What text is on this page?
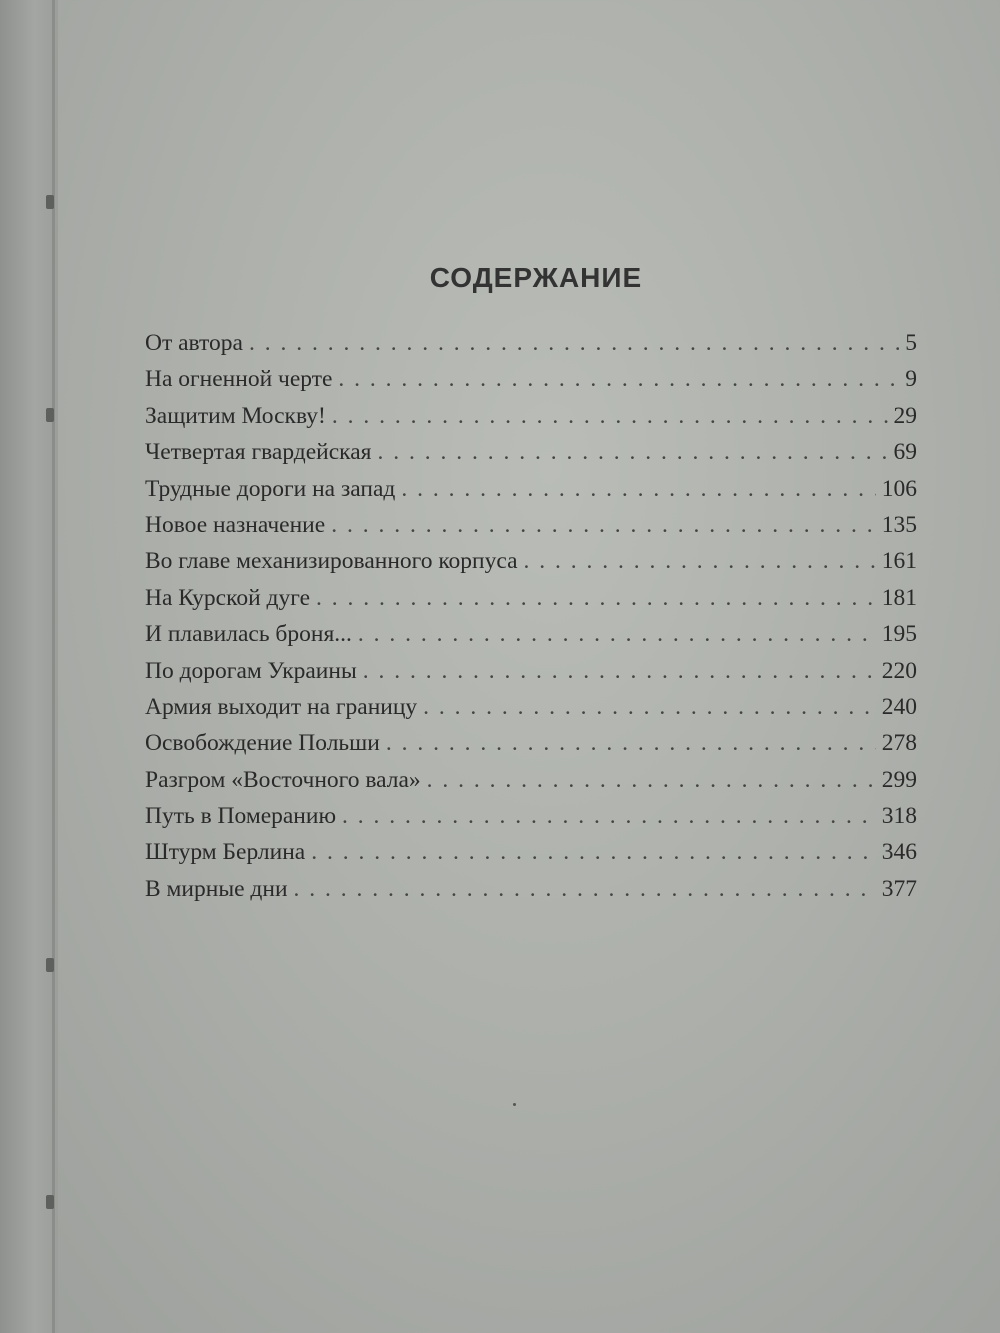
СОДЕРЖАНИЕ
От автора . . .	5
На огненной черте . . .	9
Защитим Москву! . . .	29
Четвертая гвардейская . . .	69
Трудные дороги на запад . . .	106
Новое назначение . . .	135
Во главе механизированного корпуса . . .	161
На Курской дуге . . .	181
И плавилась броня... . . .	195
По дорогам Украины . . .	220
Армия выходит на границу . . .	240
Освобождение Польши . . .	278
Разгром «Восточного вала» . . .	299
Путь в Померанию . . .	318
Штурм Берлина . . .	346
В мирные дни . . .	377
